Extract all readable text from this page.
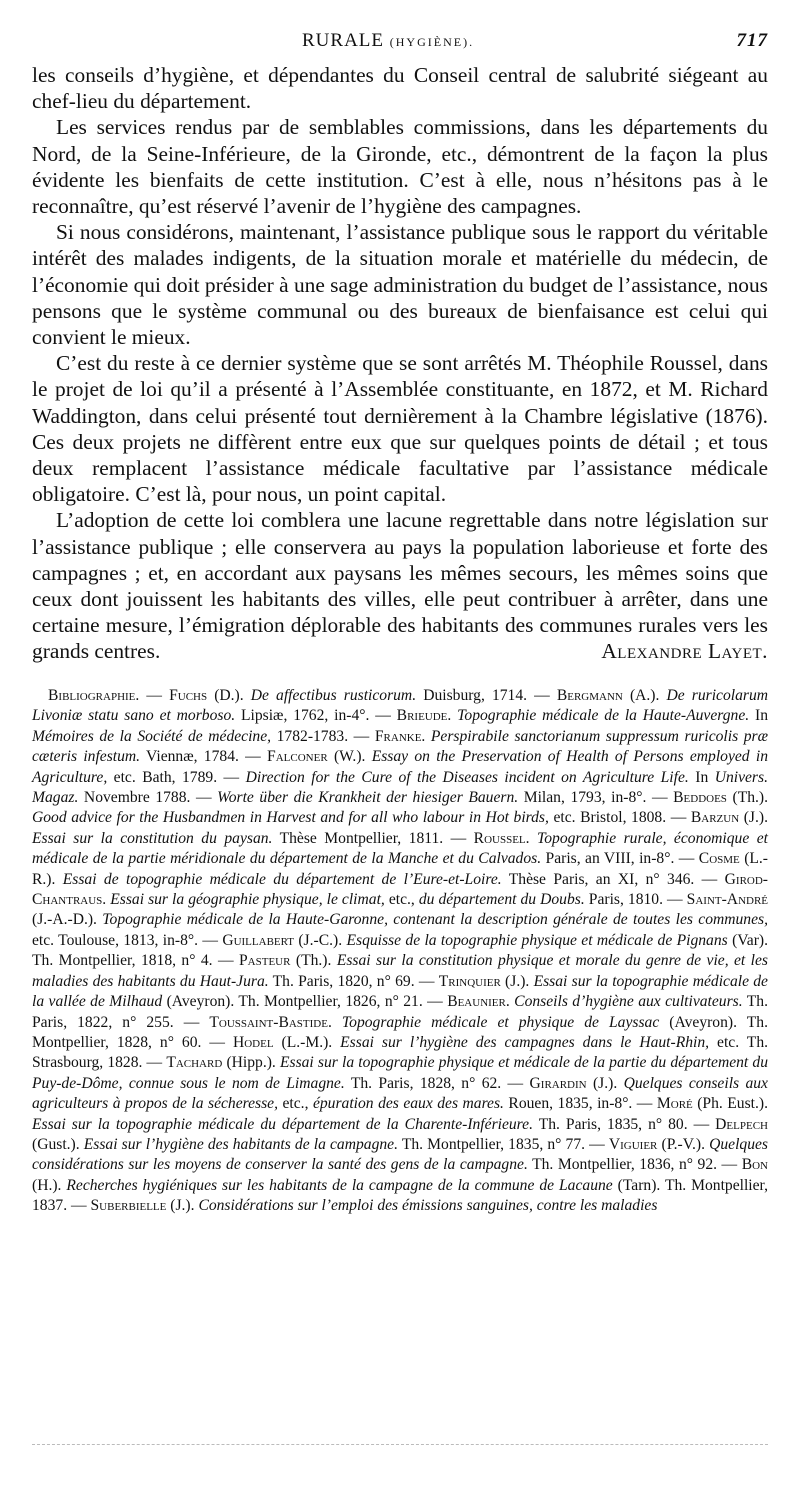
RURALE (HYGIÈNE).	717

les conseils d’hygiène, et dépendantes du Conseil central de salubrité siégeant au chef-lieu du département.

Les services rendus par de semblables commissions, dans les départements du Nord, de la Seine-Inférieure, de la Gironde, etc., démontrent de la façon la plus évidente les bienfaits de cette institution. C’est à elle, nous n’hésitons pas à le reconnaître, qu’est réservé l’avenir de l’hygiène des campagnes.

Si nous considérons, maintenant, l’assistance publique sous le rapport du véritable intérêt des malades indigents, de la situation morale et matérielle du médecin, de l’économie qui doit présider à une sage administration du budget de l’assistance, nous pensons que le système communal ou des bureaux de bienfaisance est celui qui convient le mieux.

C’est du reste à ce dernier système que se sont arrêtés M. Théophile Roussel, dans le projet de loi qu’il a présenté à l’Assemblée constituante, en 1872, et M. Richard Waddington, dans celui présenté tout dernièrement à la Chambre législative (1876). Ces deux projets ne diffèrent entre eux que sur quelques points de détail ; et tous deux remplacent l’assistance médicale facultative par l’assistance médicale obligatoire. C’est là, pour nous, un point capital.

L’adoption de cette loi comblera une lacune regrettable dans notre législation sur l’assistance publique ; elle conservera au pays la population laborieuse et forte des campagnes ; et, en accordant aux paysans les mêmes secours, les mêmes soins que ceux dont jouissent les habitants des villes, elle peut contribuer à arrêter, dans une certaine mesure, l’émigration déplorable des habitants des communes rurales vers les grands centres.	Alexandre Layet.

Bibliographie. — Fuchs (D.). De affectibus rusticorum. Duisburg, 1714. — Bergmann (A.). De ruricolarum Livoniæ statu sano et morboso. Lipsiæ, 1762, in-4°. — Brieude. Topographie médicale de la Haute-Auvergne. In Mémoires de la Société de médecine, 1782-1783. — Franke. Perspirabile sanctorianum suppressum ruricolis præ cæteris infestum. Viennæ, 1784. — Falconer (W.). Essay on the Preservation of Health of Persons employed in Agriculture, etc. Bath, 1789. — Direction for the Cure of the Diseases incident on Agriculture Life. In Univers. Magaz. Novembre 1788. — Worte über die Krankheit der hiesiger Bauern. Milan, 1793, in-8°. — Beddoes (Th.). Good advice for the Husbandmen in Harvest and for all who labour in Hot birds, etc. Bristol, 1808. — Barzun (J.). Essai sur la constitution du paysan. Thèse Montpellier, 1811. — Roussel. Topographie rurale, économique et médicale de la partie méridionale du département de la Manche et du Calvados. Paris, an VIII, in-8°. — Cosme (L.-R.). Essai de topographie médicale du département de l’Eure-et-Loire. Thèse Paris, an XI, n° 346. — Girod-Chantraus. Essai sur la géographie physique, le climat, etc., du département du Doubs. Paris, 1810. — Saint-André (J.-A.-D.). Topographie médicale de la Haute-Garonne, contenant la description générale de toutes les communes, etc. Toulouse, 1813, in-8°. — Guillabert (J.-C.). Esquisse de la topographie physique et médicale de Pignans (Var). Th. Montpellier, 1818, n° 4. — Pasteur (Th.). Essai sur la constitution physique et morale du genre de vie, et les maladies des habitants du Haut-Jura. Th. Paris, 1820, n° 69. — Trinquier (J.). Essai sur la topographie médicale de la vallée de Milhaud (Aveyron). Th. Montpellier, 1826, n° 21. — Beaunier. Conseils d’hygiène aux cultivateurs. Th. Paris, 1822, n° 255. — Toussaint-Bastide. Topographie médicale et physique de Layssac (Aveyron). Th. Montpellier, 1828, n° 60. — Hodel (L.-M.). Essai sur l’hygiène des campagnes dans le Haut-Rhin, etc. Th. Strasbourg, 1828. — Tachard (Hipp.). Essai sur la topographie physique et médicale de la partie du département du Puy-de-Dôme, connue sous le nom de Limagne. Th. Paris, 1828, n° 62. — Girardin (J.). Quelques conseils aux agriculteurs à propos de la sécheresse, etc., épuration des eaux des mares. Rouen, 1835, in-8°. — Moré (Ph. Eust.). Essai sur la topographie médicale du département de la Charente-Inférieure. Th. Paris, 1835, n° 80. — Delpech (Gust.). Essai sur l’hygiène des habitants de la campagne. Th. Montpellier, 1835, n° 77. — Viguier (P.-V.). Quelques considérations sur les moyens de conserver la santé des gens de la campagne. Th. Montpellier, 1836, n° 92. — Bon (H.). Recherches hygiéniques sur les habitants de la campagne de la commune de Lacaune (Tarn). Th. Montpellier, 1837. — Suberbielle (J.). Considérations sur l’emploi des émissions sanguines, contre les maladies
